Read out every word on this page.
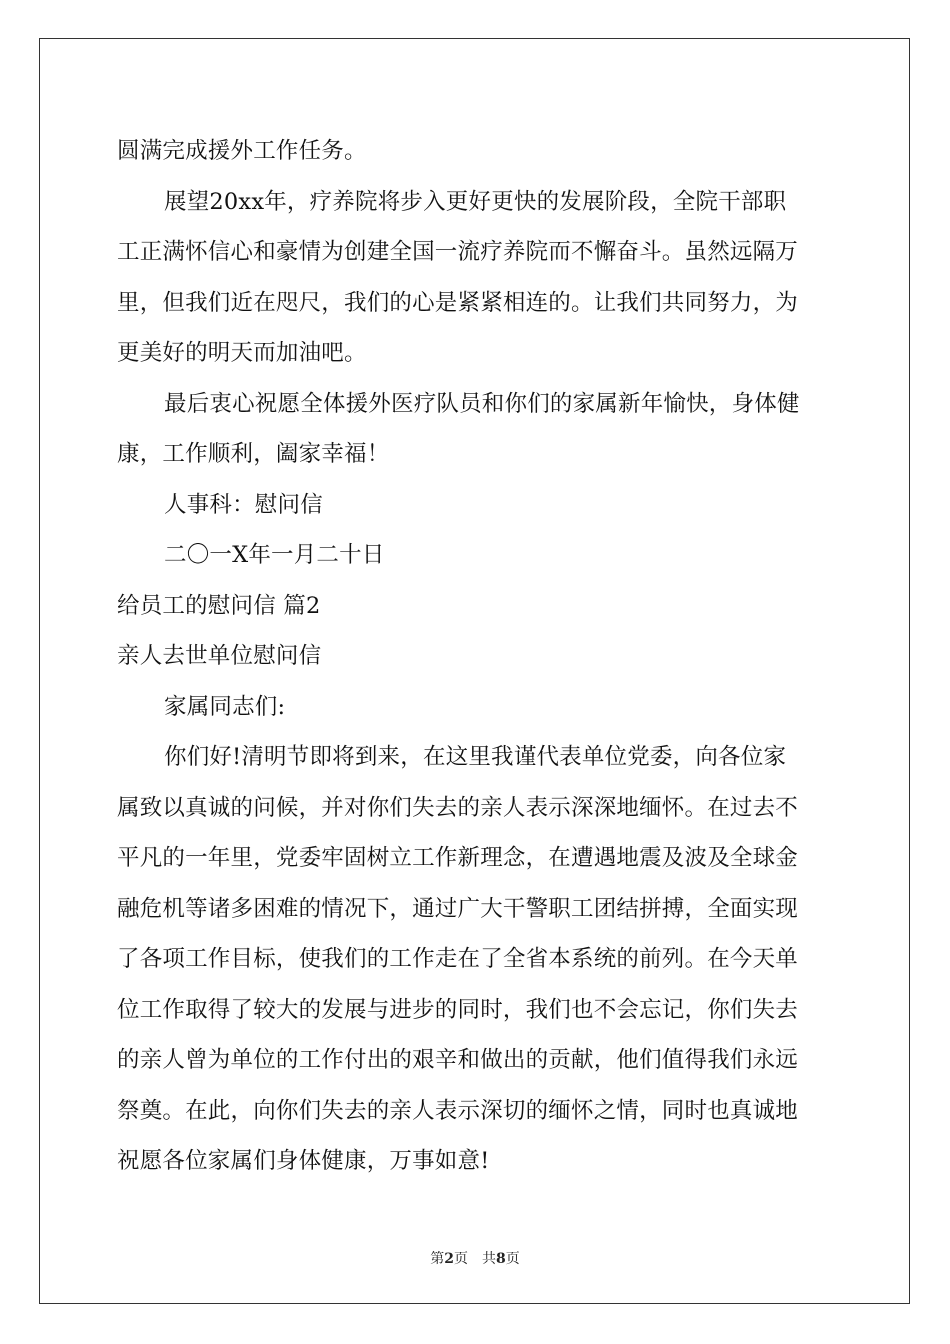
圆满完成援外工作任务。
展望20xx年，疗养院将步入更好更快的发展阶段，全院干部职
工正满怀信心和豪情为创建全国一流疗养院而不懈奋斗。虽然远隔万
里，但我们近在咫尺，我们的心是紧紧相连的。让我们共同努力，为
更美好的明天而加油吧。
最后衷心祝愿全体援外医疗队员和你们的家属新年愉快，身体健
康，工作顺利，阖家幸福！
人事科：慰问信
二〇一X年一月二十日
给员工的慰问信 篇2
亲人去世单位慰问信
家属同志们:
你们好!清明节即将到来，在这里我谨代表单位党委，向各位家
属致以真诚的问候，并对你们失去的亲人表示深深地缅怀。在过去不
平凡的一年里，党委牢固树立工作新理念，在遭遇地震及波及全球金
融危机等诸多困难的情况下，通过广大干警职工团结拼搏，全面实现
了各项工作目标，使我们的工作走在了全省本系统的前列。在今天单
位工作取得了较大的发展与进步的同时，我们也不会忘记，你们失去
的亲人曾为单位的工作付出的艰辛和做出的贡献，他们值得我们永远
祭奠。在此，向你们失去的亲人表示深切的缅怀之情，同时也真诚地
祝愿各位家属们身体健康，万事如意!
第2页　共8页
